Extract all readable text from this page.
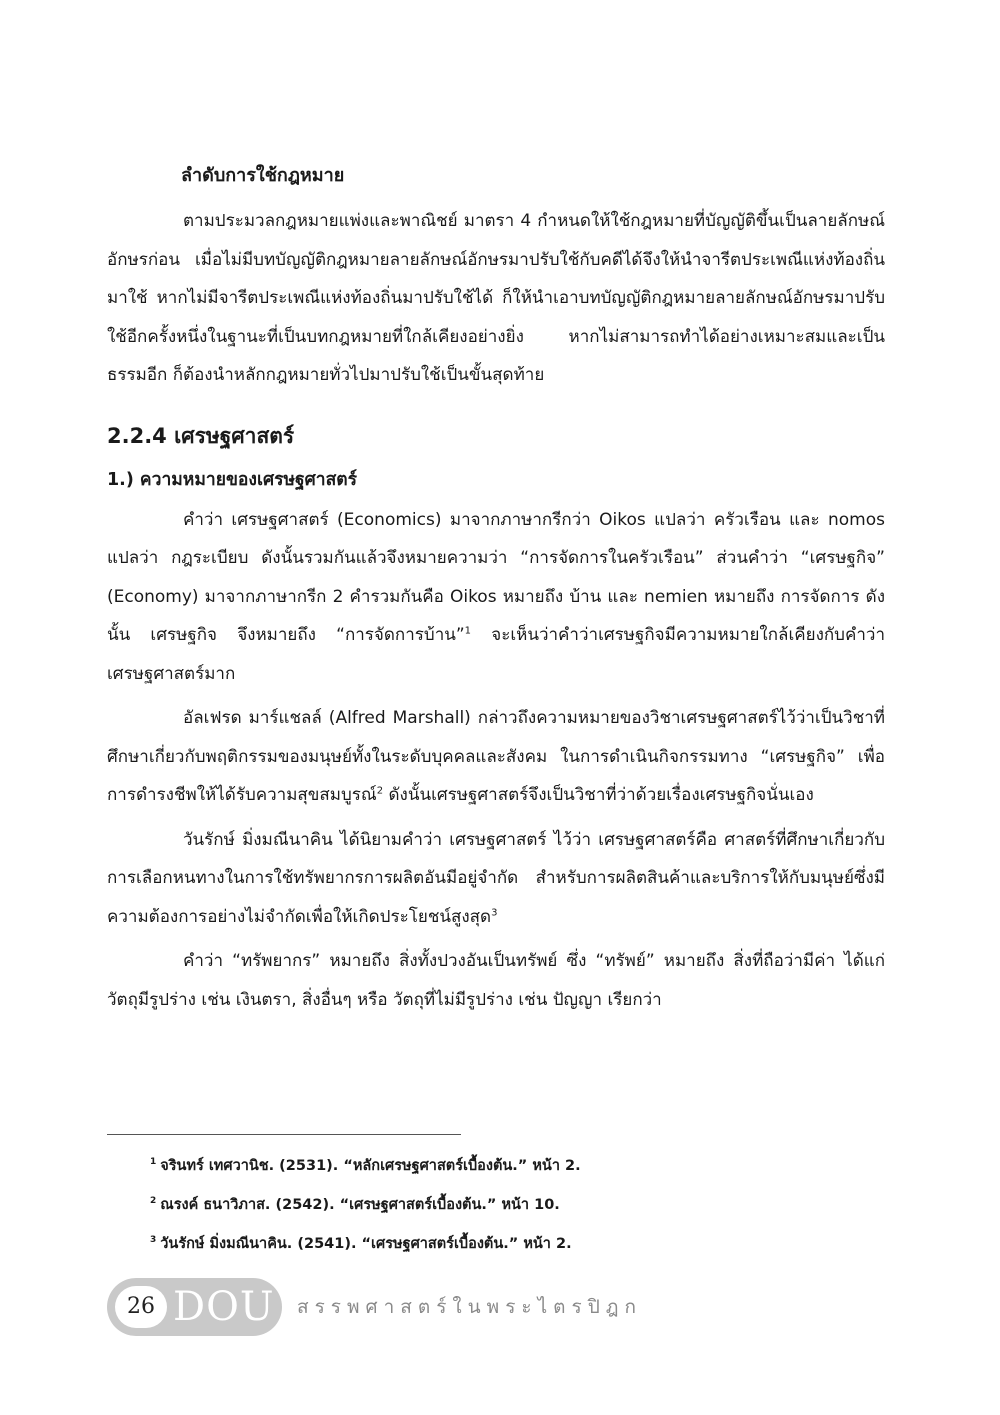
ลำดับการใช้กฎหมาย

ตามประมวลกฎหมายแพ่งและพาณิชย์ มาตรา 4 กำหนดให้ใช้กฎหมายที่บัญญัติขึ้นเป็นลายลักษณ์อักษรก่อน เมื่อไม่มีบทบัญญัติกฎหมายลายลักษณ์อักษรมาปรับใช้กับคดีได้จึงให้นำจารีตประเพณีแห่งท้องถิ่นมาใช้ หากไม่มีจารีตประเพณีแห่งท้องถิ่นมาปรับใช้ได้ ก็ให้นำเอาบทบัญญัติกฎหมายลายลักษณ์อักษรมาปรับใช้อีกครั้งหนึ่งในฐานะที่เป็นบทกฎหมายที่ใกล้เคียงอย่างยิ่ง หากไม่สามารถทำได้อย่างเหมาะสมและเป็นธรรมอีก ก็ต้องนำหลักกฎหมายทั่วไปมาปรับใช้เป็นขั้นสุดท้าย

2.2.4 เศรษฐศาสตร์
1.) ความหมายของเศรษฐศาสตร์

คำว่า เศรษฐศาสตร์ (Economics) มาจากภาษากรีกว่า Oikos แปลว่า ครัวเรือน และ nomos แปลว่า กฎระเบียบ ดังนั้นรวมกันแล้วจึงหมายความว่า “การจัดการในครัวเรือน” ส่วนคำว่า “เศรษฐกิจ” (Economy) มาจากภาษากรีก 2 คำรวมกันคือ Oikos หมายถึง บ้าน และ nemien หมายถึง การจัดการ ดังนั้น เศรษฐกิจ จึงหมายถึง “การจัดการบ้าน”$^1$ จะเห็นว่าคำว่าเศรษฐกิจมีความหมายใกล้เคียงกับคำว่าเศรษฐศาสตร์มาก

อัลเฟรด มาร์แชลล์ (Alfred Marshall) กล่าวถึงความหมายของวิชาเศรษฐศาสตร์ไว้ว่าเป็นวิชาที่ศึกษาเกี่ยวกับพฤติกรรมของมนุษย์ทั้งในระดับบุคคลและสังคม ในการดำเนินกิจกรรมทาง “เศรษฐกิจ” เพื่อการดำรงชีพให้ได้รับความสุขสมบูรณ์$^2$ ดังนั้นเศรษฐศาสตร์จึงเป็นวิชาที่ว่าด้วยเรื่องเศรษฐกิจนั่นเอง

วันรักษ์ มิ่งมณีนาคิน ได้นิยามคำว่า เศรษฐศาสตร์ ไว้ว่า เศรษฐศาสตร์คือ ศาสตร์ที่ศึกษาเกี่ยวกับการเลือกหนทางในการใช้ทรัพยากรการผลิตอันมีอยู่จำกัด สำหรับการผลิตสินค้าและบริการให้กับมนุษย์ซึ่งมีความต้องการอย่างไม่จำกัดเพื่อให้เกิดประโยชน์สูงสุด$^3$

คำว่า “ทรัพยากร” หมายถึง สิ่งทั้งปวงอันเป็นทรัพย์ ซึ่ง “ทรัพย์” หมายถึง สิ่งที่ถือว่ามีค่า ได้แก่ วัตถุมีรูปร่าง เช่น เงินตรา, สิ่งอื่นๆ หรือ วัตถุที่ไม่มีรูปร่าง เช่น ปัญญา เรียกว่า

$^1$ จรินทร์ เทศวานิช. (2531). “หลักเศรษฐศาสตร์เบื้องต้น.” หน้า 2.
$^2$ ณรงค์ ธนาวิภาส. (2542). “เศรษฐศาสตร์เบื้องต้น.” หน้า 10.
$^3$ วันรักษ์ มิ่งมณีนาคิน. (2541). “เศรษฐศาสตร์เบื้องต้น.” หน้า 2.
26 DOU สรรพศาสตร์ในพระไตรปิฎก
